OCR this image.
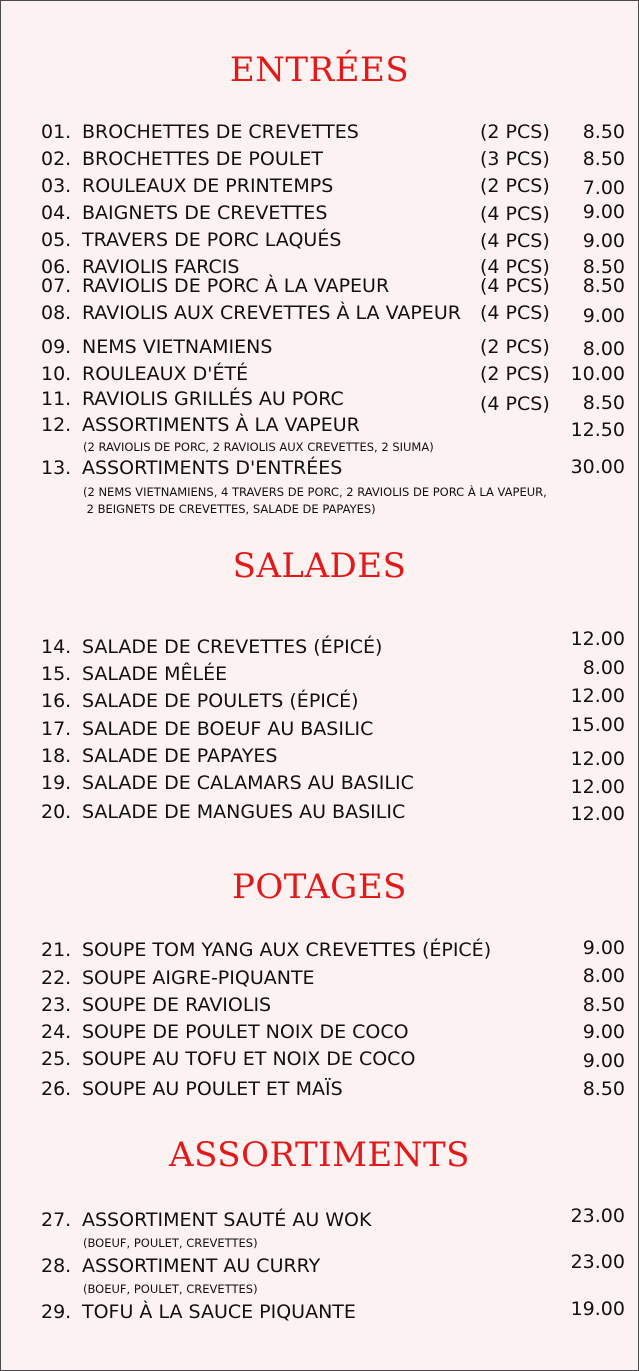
ENTRÉES
01. BROCHETTES DE CREVETTES	(2 PCS) 8.50
02. BROCHETTES DE POULET	(3 PCS) 8.50
03. ROULEAUX DE PRINTEMPS	(2 PCS) 7.00
04. BAIGNETS DE CREVETTES	(4 PCS) 9.00
05. TRAVERS DE PORC LAQUÉS	(4 PCS) 9.00
06. RAVIOLIS FARCIS	(4 PCS) 8.50
07. RAVIOLIS DE PORC À LA VAPEUR	(4 PCS) 8.50
08. RAVIOLIS AUX CREVETTES À LA VAPEUR (4 PCS) 9.00
09. NEMS VIETNAMIENS	(2 PCS) 8.00
10. ROULEAUX D'ÉTÉ	(2 PCS) 10.00
11. RAVIOLIS GRILLÉS AU PORC	(4 PCS) 8.50
12. ASSORTIMENTS À LA VAPEUR	12.50
(2 RAVIOLIS DE PORC, 2 RAVIOLIS AUX CREVETTES, 2 SIUMA)
13. ASSORTIMENTS D'ENTRÉES	30.00
(2 NEMS VIETNAMIENS, 4 TRAVERS DE PORC, 2 RAVIOLIS DE PORC À LA VAPEUR,
2 BEIGNETS DE CREVETTES, SALADE DE PAPAYES)
SALADES
14. SALADE DE CREVETTES (ÉPICÉ)	12.00
15. SALADE MÊLÉE	8.00
16. SALADE DE POULETS (ÉPICÉ)	12.00
17. SALADE DE BOEUF AU BASILIC	15.00
18. SALADE DE PAPAYES	12.00
19. SALADE DE CALAMARS AU BASILIC	12.00
20. SALADE DE MANGUES AU BASILIC	12.00
POTAGES
21. SOUPE TOM YANG AUX CREVETTES (ÉPICÉ)	9.00
22. SOUPE AIGRE-PIQUANTE	8.00
23. SOUPE DE RAVIOLIS	8.50
24. SOUPE DE POULET NOIX DE COCO	9.00
25. SOUPE AU TOFU ET NOIX DE COCO	9.00
26. SOUPE AU POULET ET MAÏS	8.50
ASSORTIMENTS
27. ASSORTIMENT SAUTÉ AU WOK	23.00
(BOEUF, POULET, CREVETTES)
28. ASSORTIMENT AU CURRY	23.00
(BOEUF, POULET, CREVETTES)
29. TOFU À LA SAUCE PIQUANTE	19.00
